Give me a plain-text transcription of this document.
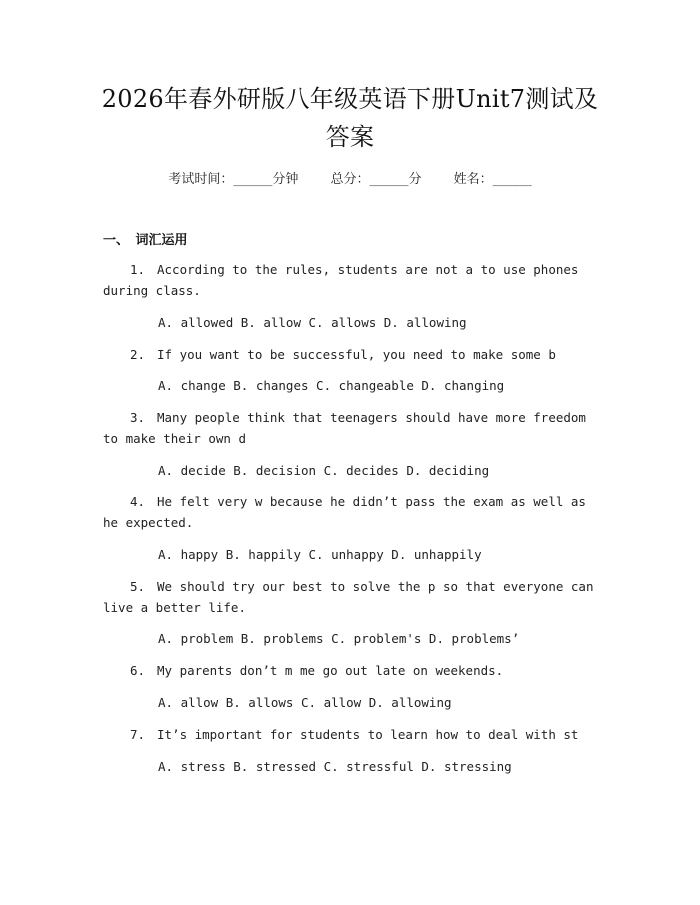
2026年春外研版八年级英语下册Unit7测试及答案
考试时间：______分钟 总分：______分 姓名：______
一、　词汇运用
1. According to the rules, students are not a to use phones during class.
A. allowed B. allow C. allows D. allowing
2. If you want to be successful, you need to make some b
A. change B. changes C. changeable D. changing
3. Many people think that teenagers should have more freedom to make their own d
A. decide B. decision C. decides D. deciding
4. He felt very w because he didn’t pass the exam as well as he expected.
A. happy B. happily C. unhappy D. unhappily
5. We should try our best to solve the p so that everyone can live a better life.
A. problem B. problems C. problem's D. problems’
6. My parents don’t m me go out late on weekends.
A. allow B. allows C. allow D. allowing
7. It’s important for students to learn how to deal with st
A. stress B. stressed C. stressful D. stressing
